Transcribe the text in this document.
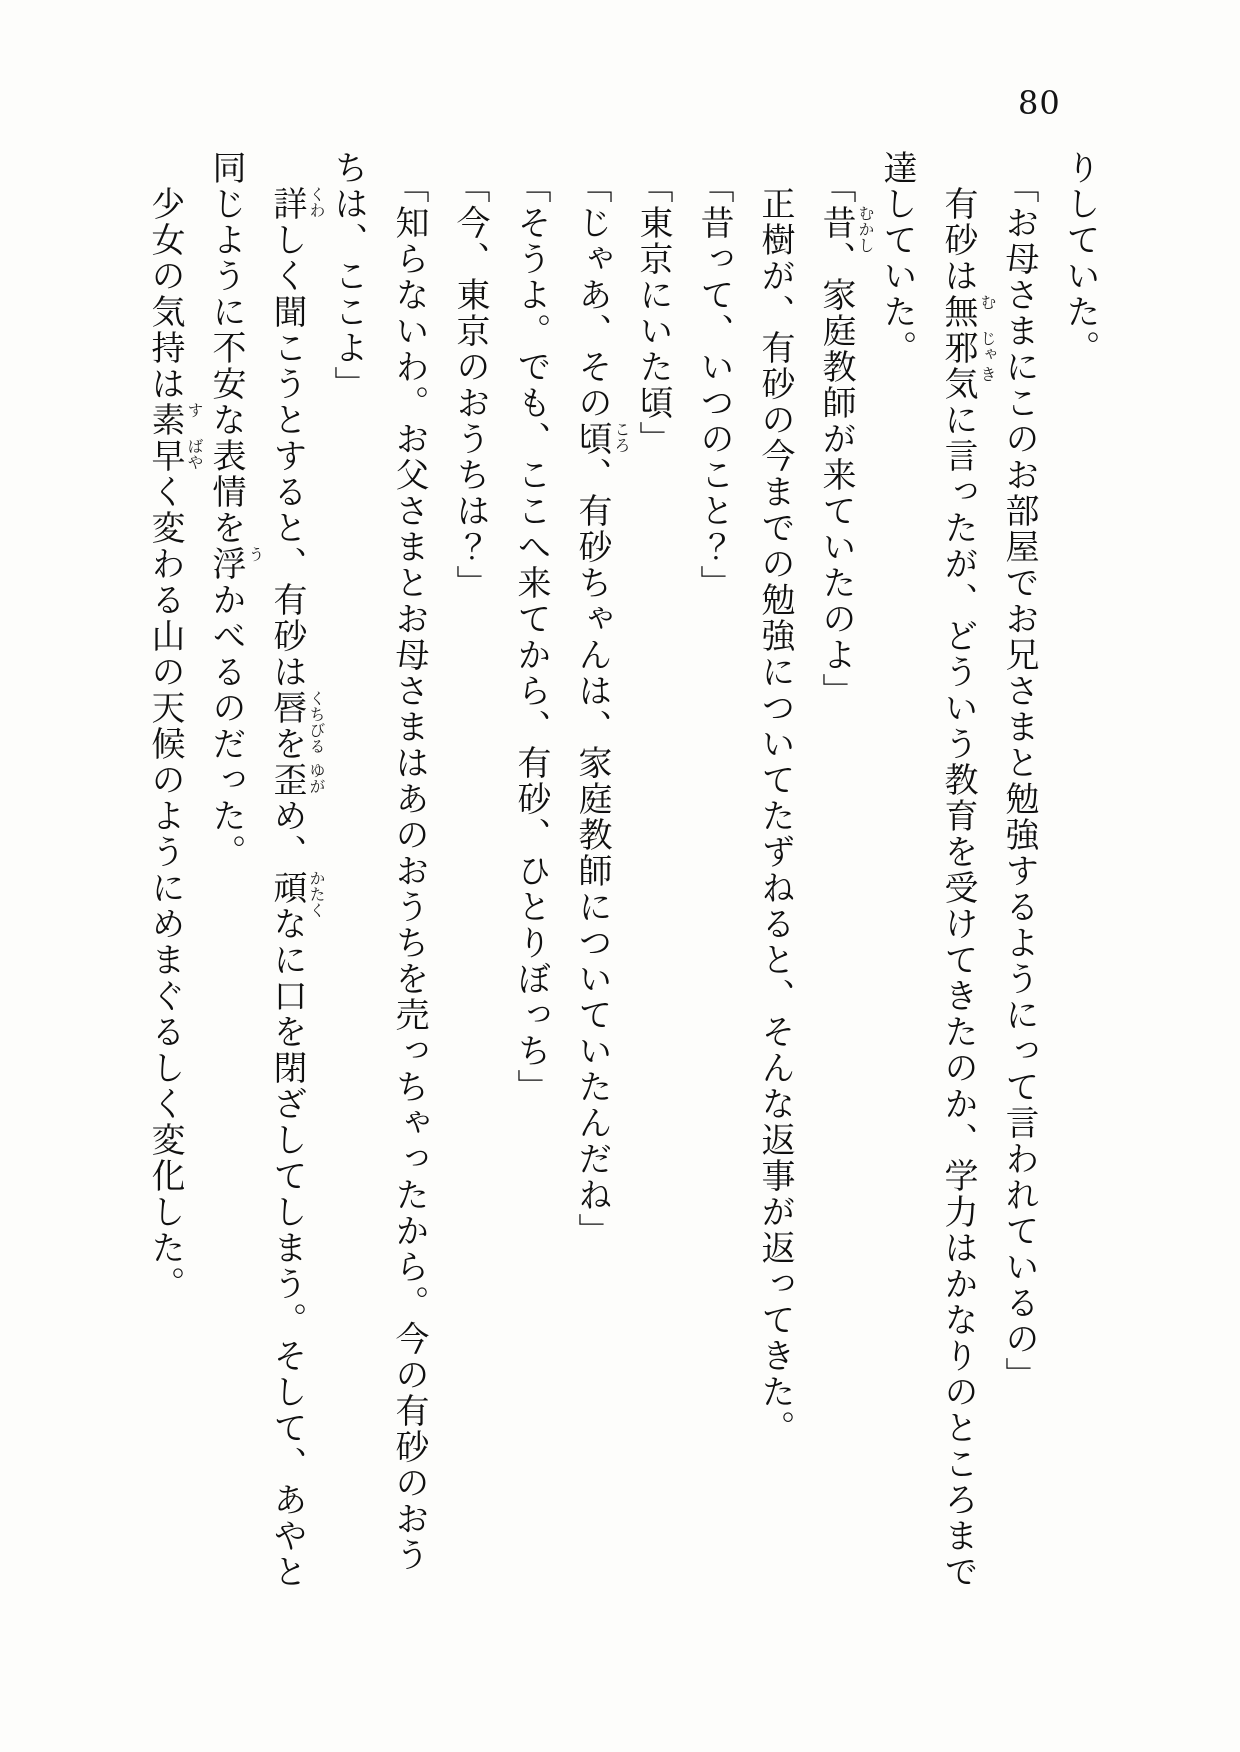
80

りしていた。

　「お母さまにこのお部屋でお兄さまと勉強するようにって言われているの」

　有砂は無 む
邪 じゃ
気 き
に言ったが、どういう教育を受けてきたのか、学力はかなりのところまで

達していた。

　「昔 むかし
、家庭教師が来ていたのよ」

　正樹が、有砂の今までの勉強についてたずねると、そんな返事が返ってきた。

　「昔って、いつのこと？」

　「東京にいた頃」

　「じゃあ、その頃 ころ
、有砂ちゃんは、家庭教師についていたんだね」

　「そうよ。でも、ここへ来てから、有砂、ひとりぼっち」

　「今、東京のおうちは？」

　「知らないわ。お父さまとお母さまはあのおうちを売っちゃったから。今の有砂のおう

ちは、ここよ」

　詳 くわ
しく聞こうとすると、有砂は唇 くちびる
を歪 ゆが
め、頑 かたく
なに口を閉ざしてしまう。そして、あやと

同じように不安な表情を浮 う
かべるのだった。

　少女の気持は素 す
早 ばや
く変わる山の天候のようにめまぐるしく変化した。
